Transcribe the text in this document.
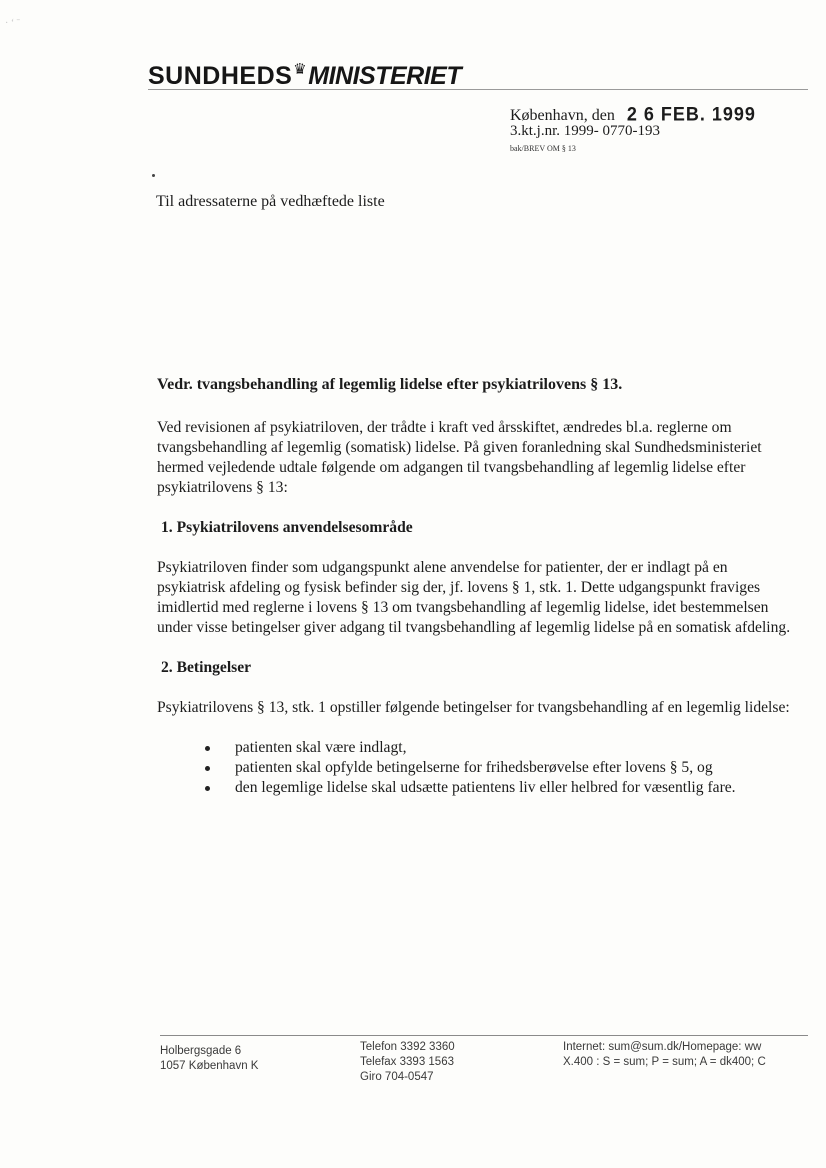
· ‘ ˉ
SUNDHEDS♛MINISTERIET
København, den 2 6 FEB. 1999
3.kt.j.nr. 1999- 0770-193
bak/BREV OM § 13
Til adressaterne på vedhæftede liste
Vedr. tvangsbehandling af legemlig lidelse efter psykiatrilovens § 13.

Ved revisionen af psykiatriloven, der trådte i kraft ved årsskiftet, ændredes bl.a. reglerne om tvangsbehandling af legemlig (somatisk) lidelse. På given foranledning skal Sundhedsministeriet hermed vejledende udtale følgende om adgangen til tvangsbehandling af legemlig lidelse efter psykiatrilovens § 13:

1. Psykiatrilovens anvendelsesområde

Psykiatriloven finder som udgangspunkt alene anvendelse for patienter, der er indlagt på en psykiatrisk afdeling og fysisk befinder sig der, jf. lovens § 1, stk. 1. Dette udgangspunkt fraviges imidlertid med reglerne i lovens § 13 om tvangsbehandling af legemlig lidelse, idet bestemmelsen under visse betingelser giver adgang til tvangsbehandling af legemlig lidelse på en somatisk afdeling.

2. Betingelser

Psykiatrilovens § 13, stk. 1 opstiller følgende betingelser for tvangsbehandling af en legemlig lidelse:

patienten skal være indlagt,
patienten skal opfylde betingelserne for frihedsberøvelse efter lovens § 5, og
den legemlige lidelse skal udsætte patientens liv eller helbred for væsentlig fare.
Holbergsgade 6
1057 København K
Telefon 3392 3360
Telefax 3393 1563
Giro 704-0547
Internet: sum@sum.dk/Homepage: ww
X.400 : S = sum; P = sum; A = dk400; C
